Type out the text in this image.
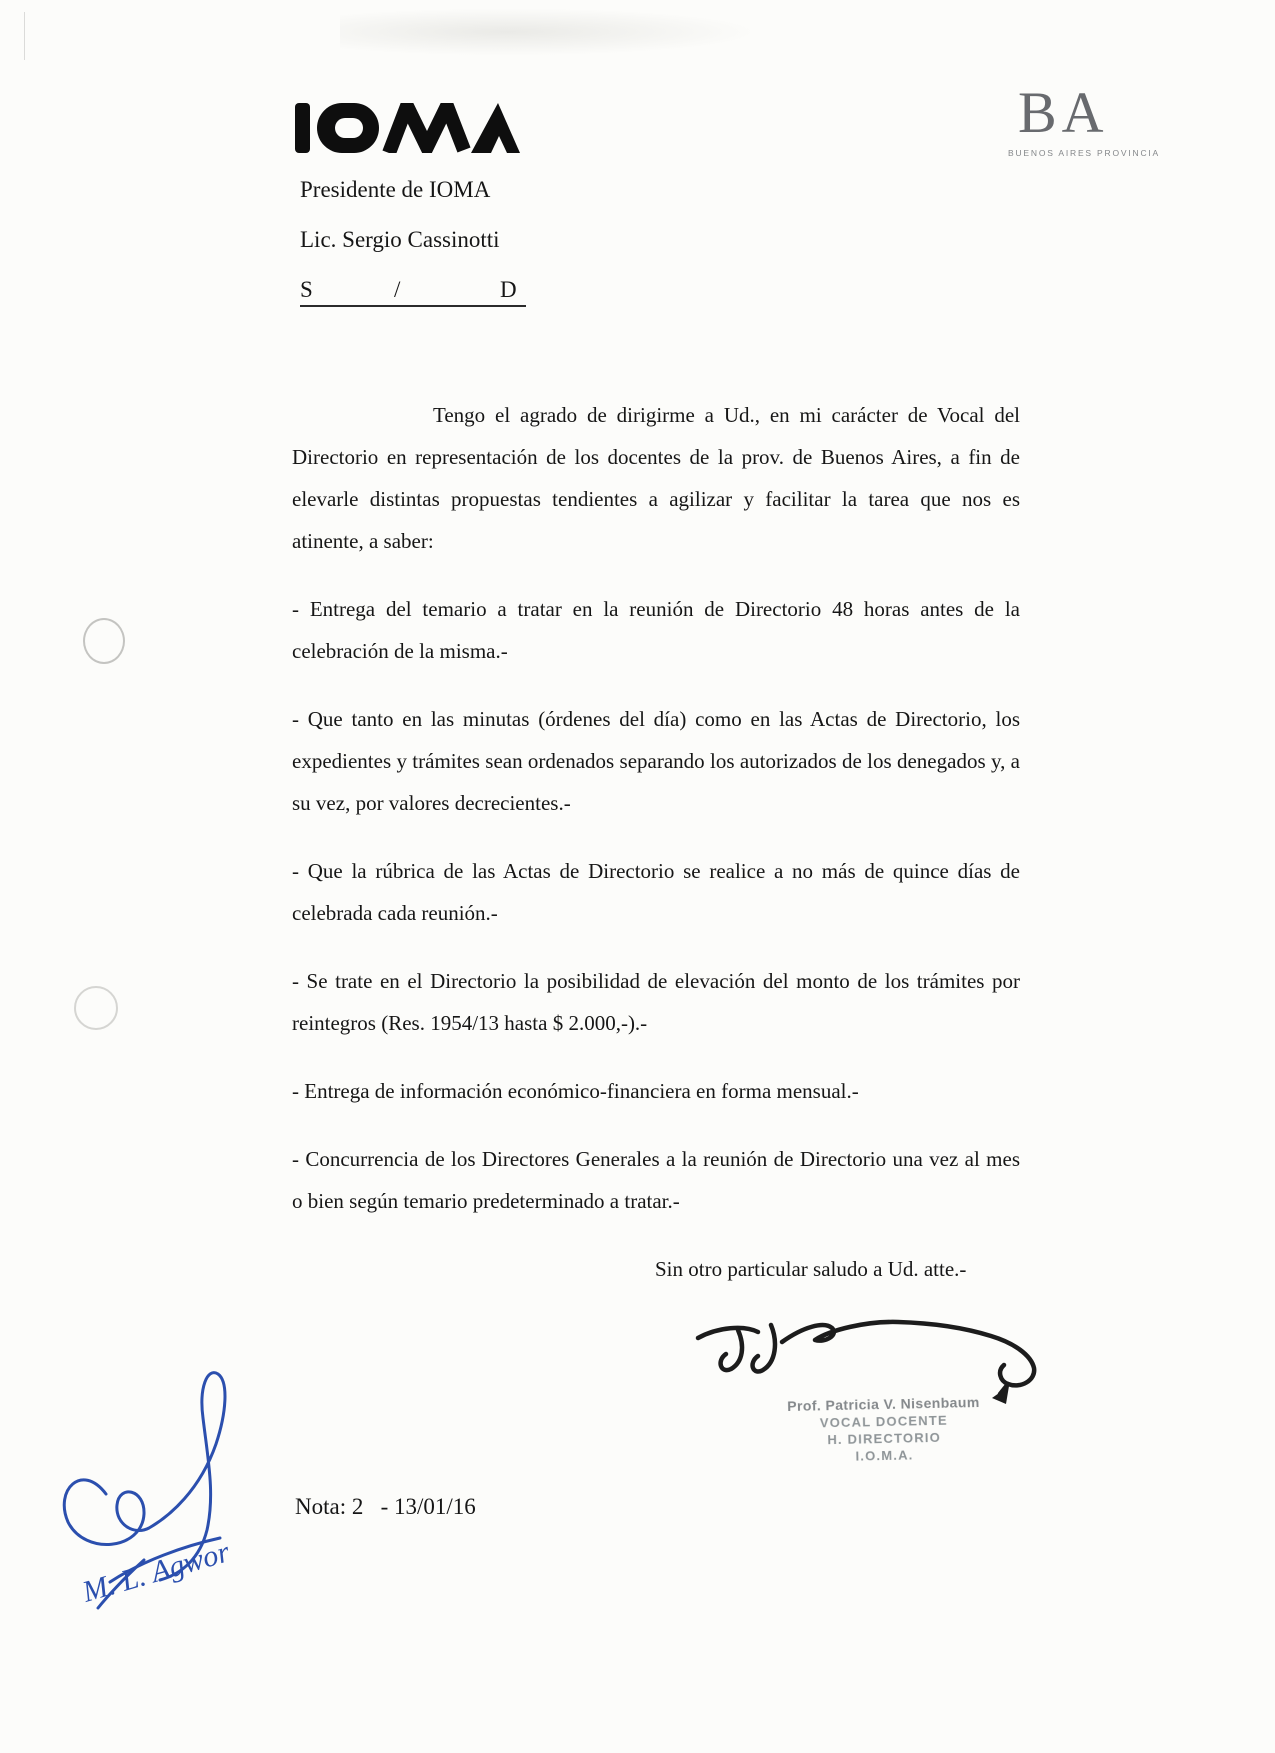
BA
BUENOS AIRES PROVINCIA
Presidente de IOMA
Lic. Sergio Cassinotti
S	/	D

Tengo el agrado de dirigirme a Ud., en mi carácter de Vocal del Directorio en representación de los docentes de la prov. de Buenos Aires, a fin de elevarle distintas propuestas tendientes a agilizar y facilitar la tarea que nos es atinente, a saber:

- Entrega del temario a tratar en la reunión de Directorio 48 horas antes de la celebración de la misma.-

- Que tanto en las minutas (órdenes del día) como en las Actas de Directorio, los expedientes y trámites sean ordenados separando los autorizados de los denegados y, a su vez, por valores decrecientes.-

- Que la rúbrica de las Actas de Directorio se realice a no más de quince días de celebrada cada reunión.-

- Se trate en el Directorio la posibilidad de elevación del monto de los trámites por reintegros (Res. 1954/13 hasta $ 2.000,-).-

- Entrega de información económico-financiera en forma mensual.-

- Concurrencia de los Directores Generales a la reunión de Directorio una vez al mes o bien según temario predeterminado a tratar.-

Sin otro particular saludo a Ud. atte.-

Prof. Patricia V. Nisenbaum
VOCAL DOCENTE
H. DIRECTORIO
I.O.M.A.
M. L. Agwor
Nota: 2   - 13/01/16
